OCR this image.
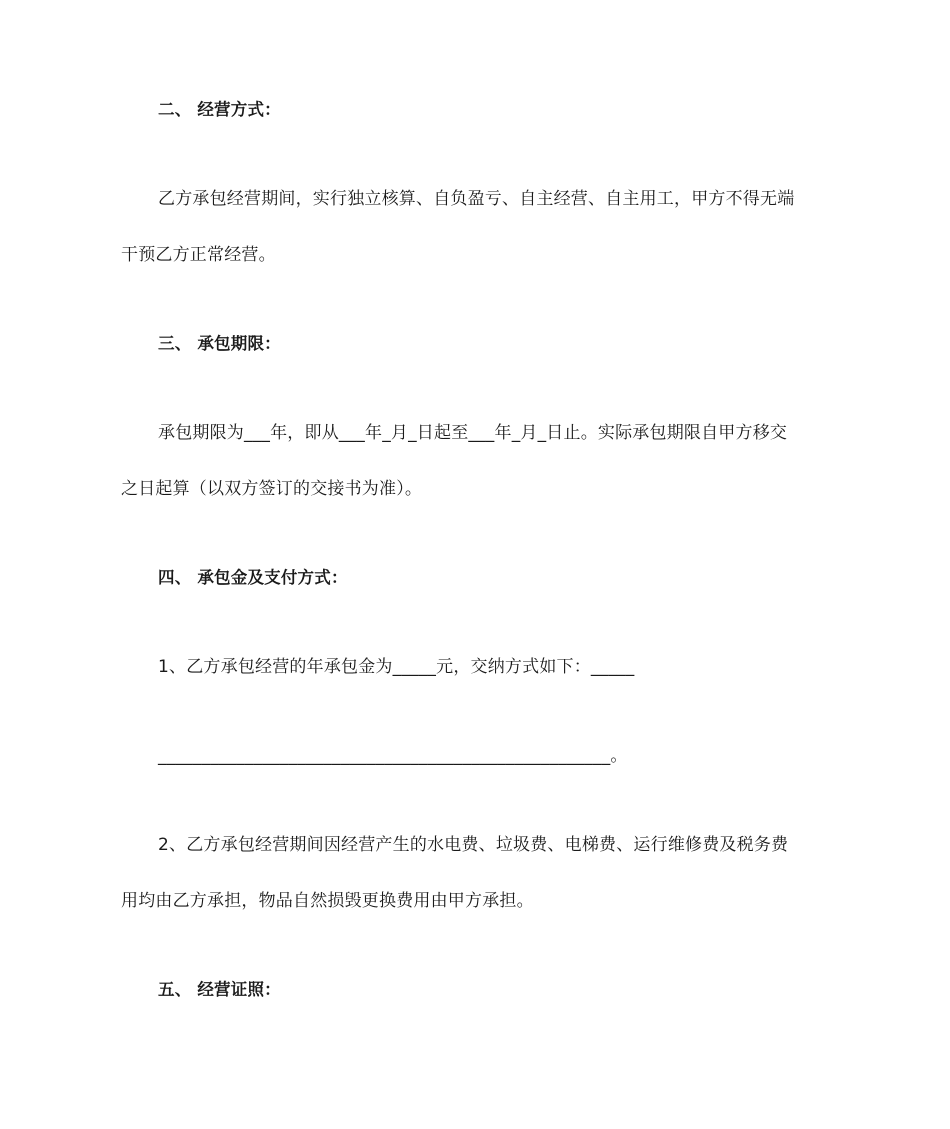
二、 经营方式：
乙方承包经营期间，实行独立核算、自负盈亏、自主经营、自主用工，甲方不得无端
干预乙方正常经营。
三、 承包期限：
承包期限为___年，即从___年_月_日起至___年_月_日止。实际承包期限自甲方移交
之日起算（以双方签订的交接书为准）。
四、 承包金及支付方式：
1、乙方承包经营的年承包金为_____元，交纳方式如下：_____
____________________________________________________。
2、乙方承包经营期间因经营产生的水电费、垃圾费、电梯费、运行维修费及税务费
用均由乙方承担，物品自然损毁更换费用由甲方承担。
五、 经营证照：
